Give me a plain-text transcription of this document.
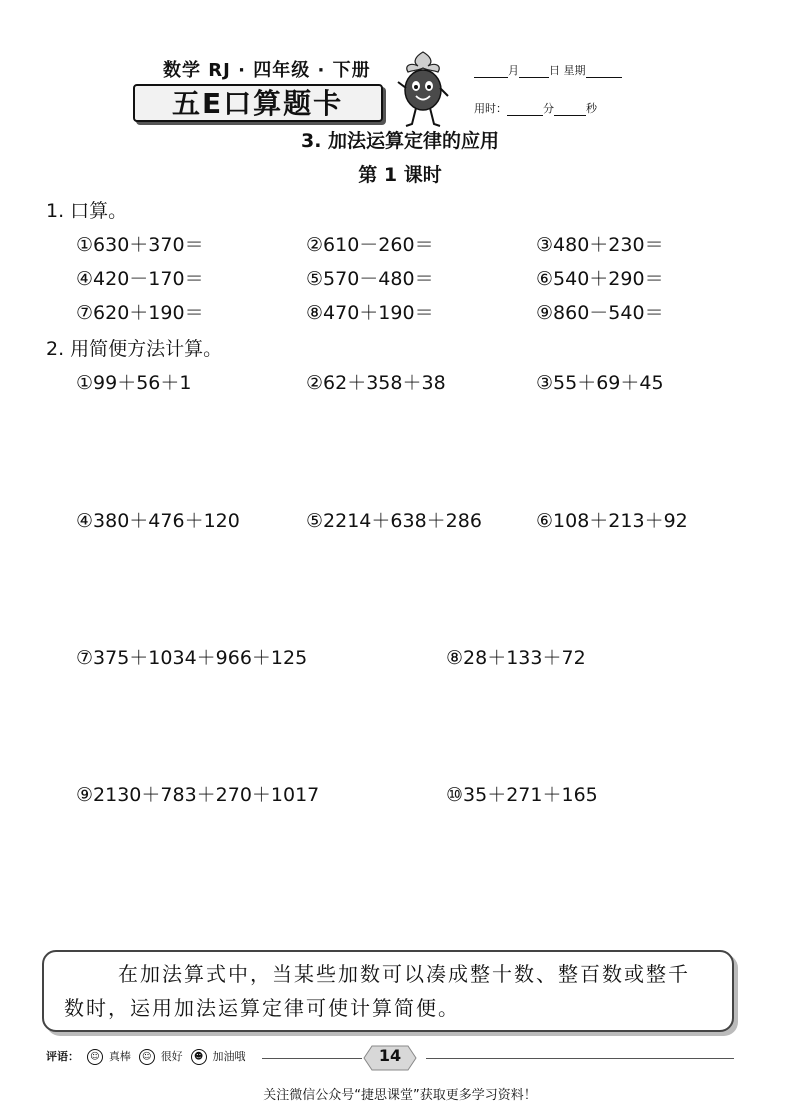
数学 RJ · 四年级 · 下册
五E口算题卡
月	日 星期
用时：	分	秒
3. 加法运算定律的应用
第 1 课时
1. 口算。
①630＋370＝	②610－260＝	③480＋230＝
④420－170＝	⑤570－480＝	⑥540＋290＝
⑦620＋190＝	⑧470＋190＝	⑨860－540＝
2. 用简便方法计算。
①99＋56＋1	②62＋358＋38	③55＋69＋45
④380＋476＋120	⑤2214＋638＋286	⑥108＋213＋92
⑦375＋1034＋966＋125	⑧28＋133＋72
⑨2130＋783＋270＋1017	⑩35＋271＋165
在加法算式中，当某些加数可以凑成整十数、整百数或整千
数时，运用加法运算定律可使计算简便。
评语： ☺ 真棒 ☺ 很好 ☻ 加油哦	14
关注微信公众号“捷思课堂”获取更多学习资料！
